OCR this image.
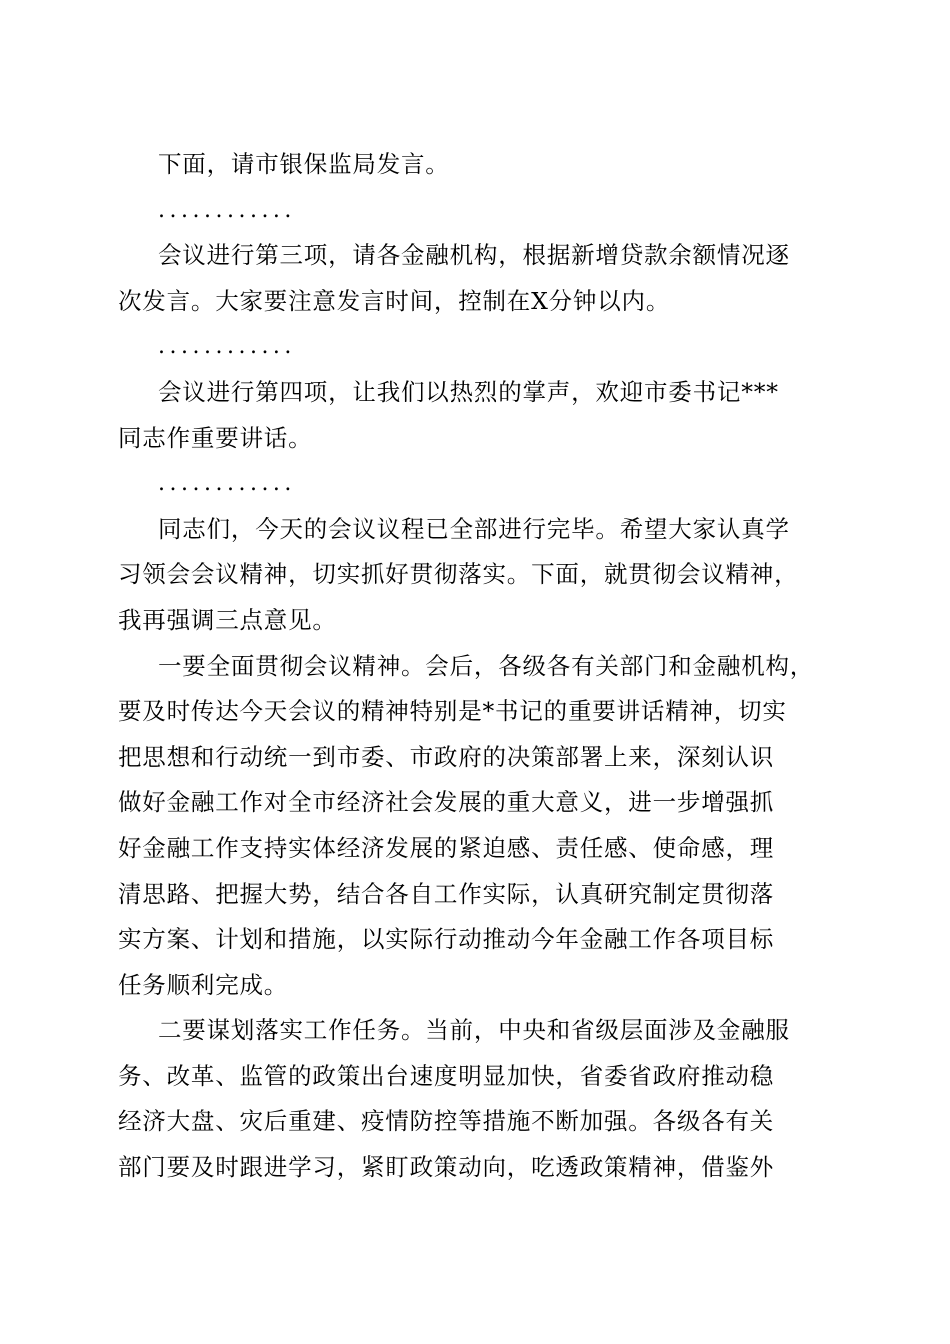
下面，请市银保监局发言。
............
会议进行第三项，请各金融机构，根据新增贷款余额情况逐
次发言。大家要注意发言时间，控制在X分钟以内。
............
会议进行第四项，让我们以热烈的掌声，欢迎市委书记***
同志作重要讲话。
............
同志们，今天的会议议程已全部进行完毕。希望大家认真学
习领会会议精神，切实抓好贯彻落实。下面，就贯彻会议精神，
我再强调三点意见。
一要全面贯彻会议精神。会后，各级各有关部门和金融机构，
要及时传达今天会议的精神特别是*书记的重要讲话精神，切实
把思想和行动统一到市委、市政府的决策部署上来，深刻认识
做好金融工作对全市经济社会发展的重大意义，进一步增强抓
好金融工作支持实体经济发展的紧迫感、责任感、使命感，理
清思路、把握大势，结合各自工作实际，认真研究制定贯彻落
实方案、计划和措施，以实际行动推动今年金融工作各项目标
任务顺利完成。
二要谋划落实工作任务。当前，中央和省级层面涉及金融服
务、改革、监管的政策出台速度明显加快，省委省政府推动稳
经济大盘、灾后重建、疫情防控等措施不断加强。各级各有关
部门要及时跟进学习，紧盯政策动向，吃透政策精神，借鉴外
